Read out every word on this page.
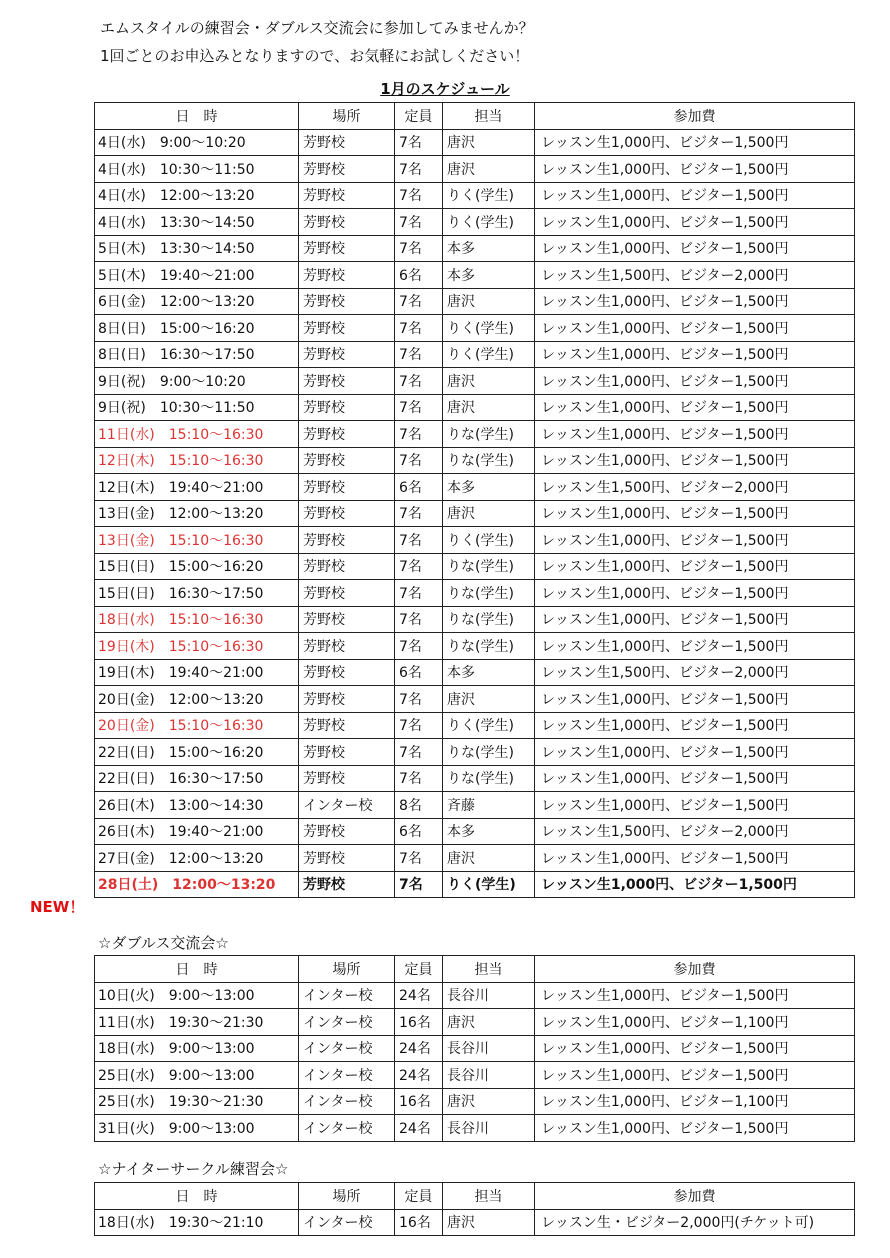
エムスタイルの練習会・ダブルス交流会に参加してみませんか？
1回ごとのお申込みとなりますので、お気軽にお試しください！
1月のスケジュール
NEW！
日　時	場所	定員	担当	参加費
4日(水) 9:00〜10:20	芳野校	7名	唐沢	レッスン生1,000円、ビジター1,500円
4日(水) 10:30〜11:50	芳野校	7名	唐沢	レッスン生1,000円、ビジター1,500円
4日(水) 12:00〜13:20	芳野校	7名	りく(学生)	レッスン生1,000円、ビジター1,500円
4日(水) 13:30〜14:50	芳野校	7名	りく(学生)	レッスン生1,000円、ビジター1,500円
5日(木) 13:30〜14:50	芳野校	7名	本多	レッスン生1,000円、ビジター1,500円
5日(木) 19:40〜21:00	芳野校	6名	本多	レッスン生1,500円、ビジター2,000円
6日(金) 12:00〜13:20	芳野校	7名	唐沢	レッスン生1,000円、ビジター1,500円
8日(日) 15:00〜16:20	芳野校	7名	りく(学生)	レッスン生1,000円、ビジター1,500円
8日(日) 16:30〜17:50	芳野校	7名	りく(学生)	レッスン生1,000円、ビジター1,500円
9日(祝) 9:00〜10:20	芳野校	7名	唐沢	レッスン生1,000円、ビジター1,500円
9日(祝) 10:30〜11:50	芳野校	7名	唐沢	レッスン生1,000円、ビジター1,500円
11日(水) 15:10〜16:30	芳野校	7名	りな(学生)	レッスン生1,000円、ビジター1,500円
12日(木) 15:10〜16:30	芳野校	7名	りな(学生)	レッスン生1,000円、ビジター1,500円
12日(木) 19:40〜21:00	芳野校	6名	本多	レッスン生1,500円、ビジター2,000円
13日(金) 12:00〜13:20	芳野校	7名	唐沢	レッスン生1,000円、ビジター1,500円
13日(金) 15:10〜16:30	芳野校	7名	りく(学生)	レッスン生1,000円、ビジター1,500円
15日(日) 15:00〜16:20	芳野校	7名	りな(学生)	レッスン生1,000円、ビジター1,500円
15日(日) 16:30〜17:50	芳野校	7名	りな(学生)	レッスン生1,000円、ビジター1,500円
18日(水) 15:10〜16:30	芳野校	7名	りな(学生)	レッスン生1,000円、ビジター1,500円
19日(木) 15:10〜16:30	芳野校	7名	りな(学生)	レッスン生1,000円、ビジター1,500円
19日(木) 19:40〜21:00	芳野校	6名	本多	レッスン生1,500円、ビジター2,000円
20日(金) 12:00〜13:20	芳野校	7名	唐沢	レッスン生1,000円、ビジター1,500円
20日(金) 15:10〜16:30	芳野校	7名	りく(学生)	レッスン生1,000円、ビジター1,500円
22日(日) 15:00〜16:20	芳野校	7名	りな(学生)	レッスン生1,000円、ビジター1,500円
22日(日) 16:30〜17:50	芳野校	7名	りな(学生)	レッスン生1,000円、ビジター1,500円
26日(木) 13:00〜14:30	インター校	8名	斉藤	レッスン生1,000円、ビジター1,500円
26日(木) 19:40〜21:00	芳野校	6名	本多	レッスン生1,500円、ビジター2,000円
27日(金) 12:00〜13:20	芳野校	7名	唐沢	レッスン生1,000円、ビジター1,500円
28日(土) 12:00〜13:20	芳野校	7名	りく(学生)	レッスン生1,000円、ビジター1,500円
☆ダブルス交流会☆
日　時	場所	定員	担当	参加費
10日(火) 9:00〜13:00	インター校	24名	長谷川	レッスン生1,000円、ビジター1,500円
11日(水) 19:30〜21:30	インター校	16名	唐沢	レッスン生1,000円、ビジター1,100円
18日(水) 9:00〜13:00	インター校	24名	長谷川	レッスン生1,000円、ビジター1,500円
25日(水) 9:00〜13:00	インター校	24名	長谷川	レッスン生1,000円、ビジター1,500円
25日(水) 19:30〜21:30	インター校	16名	唐沢	レッスン生1,000円、ビジター1,100円
31日(火) 9:00〜13:00	インター校	24名	長谷川	レッスン生1,000円、ビジター1,500円
☆ナイターサークル練習会☆
日　時	場所	定員	担当	参加費
18日(水) 19:30〜21:10	インター校	16名	唐沢	レッスン生・ビジター2,000円(チケット可)
